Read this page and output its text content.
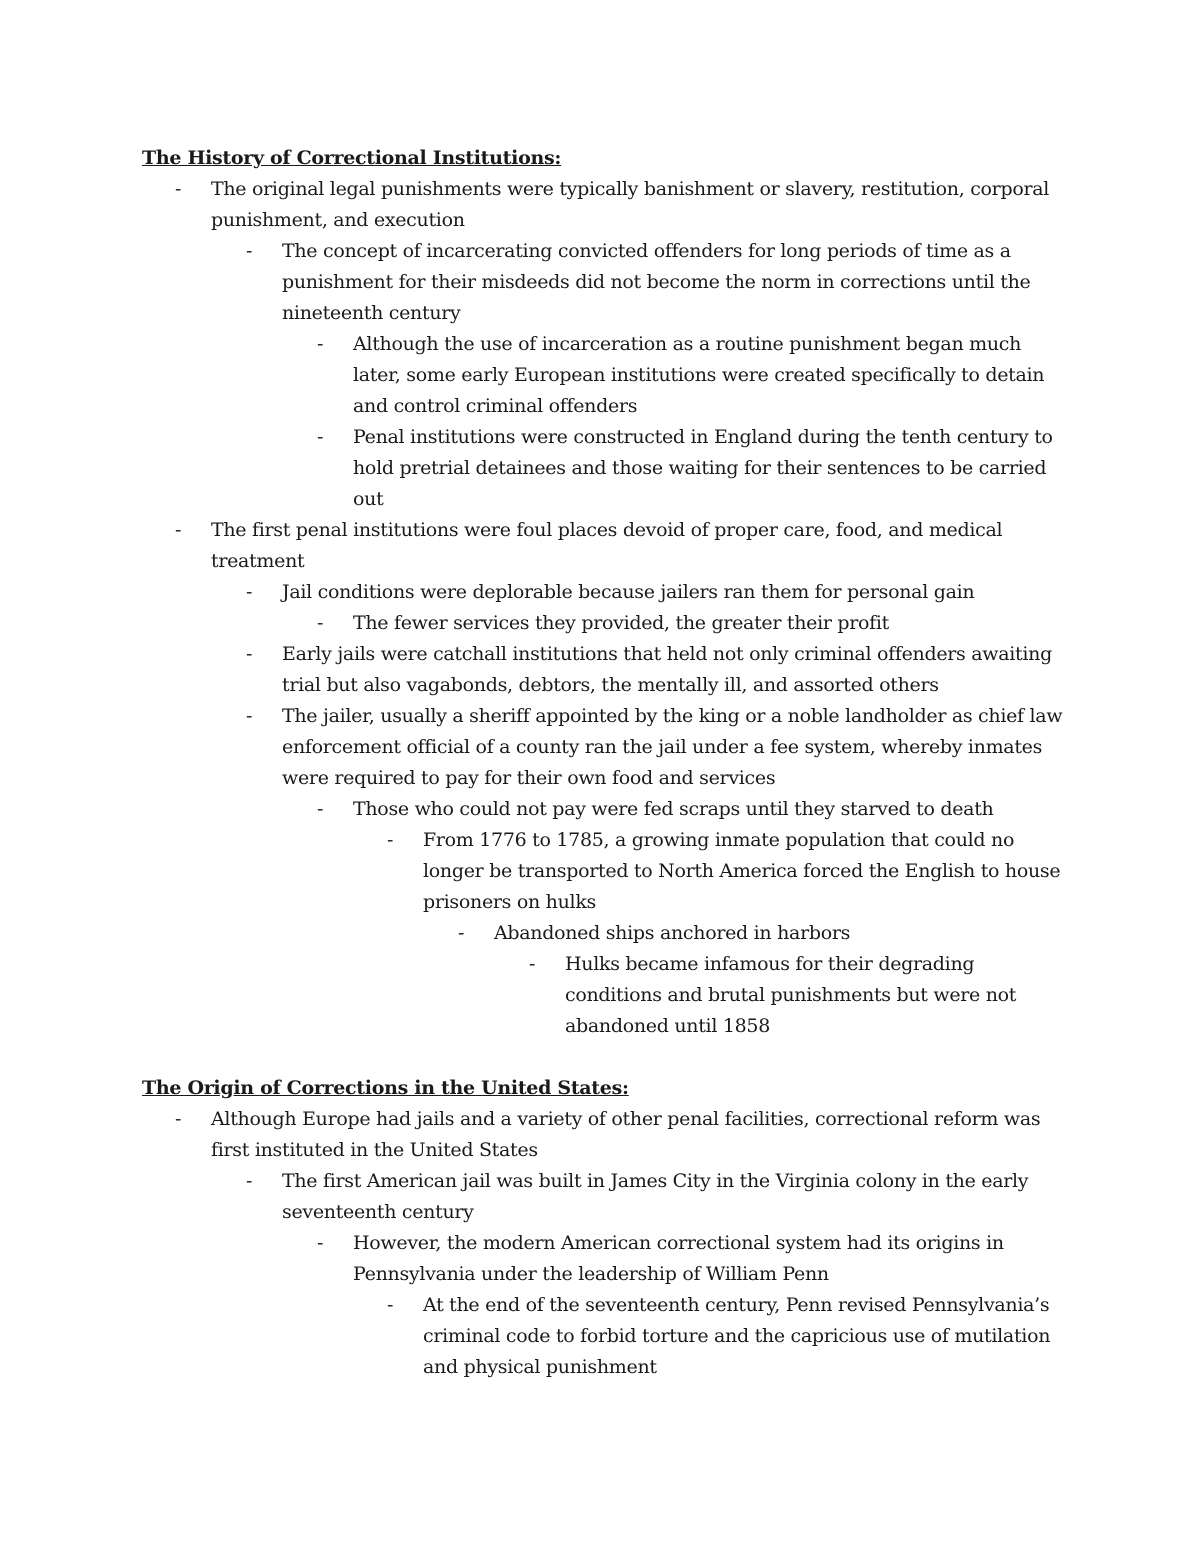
The History of Correctional Institutions:
- The original legal punishments were typically banishment or slavery, restitution, corporal punishment, and execution
- The concept of incarcerating convicted offenders for long periods of time as a punishment for their misdeeds did not become the norm in corrections until the nineteenth century
- Although the use of incarceration as a routine punishment began much later, some early European institutions were created specifically to detain and control criminal offenders
- Penal institutions were constructed in England during the tenth century to hold pretrial detainees and those waiting for their sentences to be carried out
- The first penal institutions were foul places devoid of proper care, food, and medical treatment
- Jail conditions were deplorable because jailers ran them for personal gain
- The fewer services they provided, the greater their profit
- Early jails were catchall institutions that held not only criminal offenders awaiting trial but also vagabonds, debtors, the mentally ill, and assorted others
- The jailer, usually a sheriff appointed by the king or a noble landholder as chief law enforcement official of a county ran the jail under a fee system, whereby inmates were required to pay for their own food and services
- Those who could not pay were fed scraps until they starved to death
- From 1776 to 1785, a growing inmate population that could no longer be transported to North America forced the English to house prisoners on hulks
- Abandoned ships anchored in harbors
- Hulks became infamous for their degrading conditions and brutal punishments but were not abandoned until 1858
The Origin of Corrections in the United States:
- Although Europe had jails and a variety of other penal facilities, correctional reform was first instituted in the United States
- The first American jail was built in James City in the Virginia colony in the early seventeenth century
- However, the modern American correctional system had its origins in Pennsylvania under the leadership of William Penn
- At the end of the seventeenth century, Penn revised Pennsylvania’s criminal code to forbid torture and the capricious use of mutilation and physical punishment
